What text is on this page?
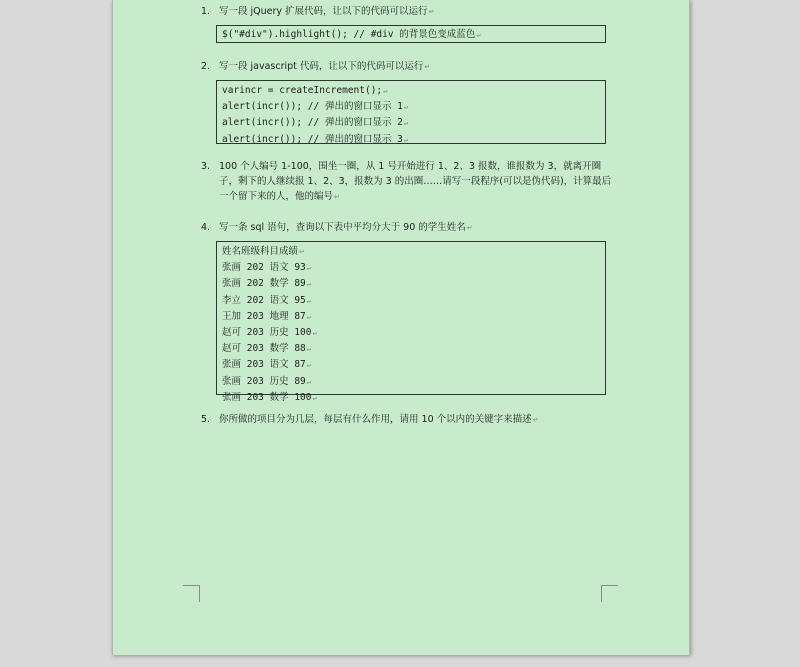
1. 写一段 jQuery 扩展代码，让以下的代码可以运行↵
$("#div").highlight(); // #div 的背景色变成蓝色↵
2. 写一段 javascript 代码，让以下的代码可以运行↵
varincr = createIncrement();↵
alert(incr()); // 弹出的窗口显示 1↵
alert(incr()); // 弹出的窗口显示 2↵
alert(incr()); // 弹出的窗口显示 3↵
3. 100 个人编号 1-100，围坐一圈，从 1 号开始进行 1、2、3 报数，谁报数为 3，就离开圈子，剩下的人继续报 1、2、3，报数为 3 的出圈……请写一段程序(可以是伪代码)，计算最后一个留下来的人，他的编号↵
4. 写一条 sql 语句，查询以下表中平均分大于 90 的学生姓名↵
姓名班级科目成绩↵
张画 202 语文 93↵
张画 202 数学 89↵
李立 202 语文 95↵
王加 203 地理 87↵
赵可 203 历史 100↵
赵可 203 数学 88↵
张画 203 语文 87↵
张画 203 历史 89↵
张画 203 数学 100↵
5. 你所做的项目分为几层，每层有什么作用，请用 10 个以内的关键字来描述↵
